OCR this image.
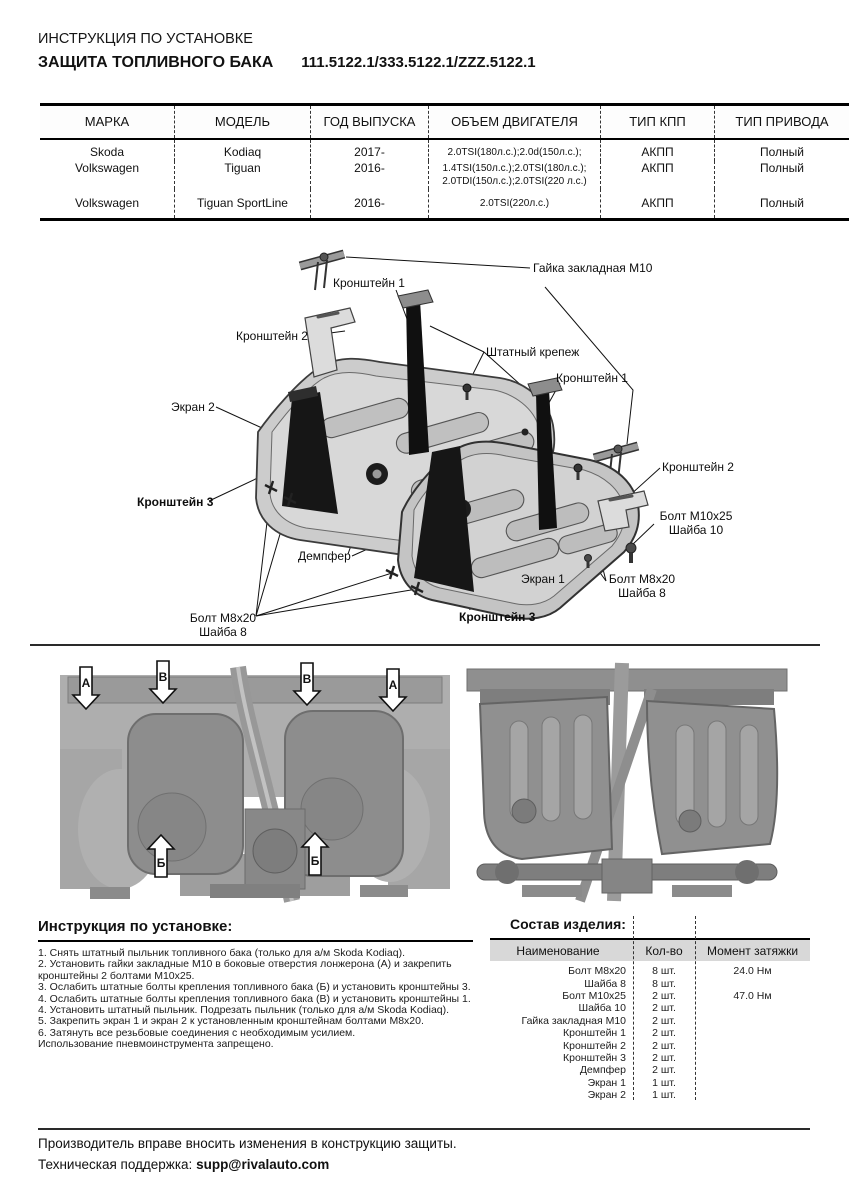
ИНСТРУКЦИЯ ПО УСТАНОВКЕ
ЗАЩИТА ТОПЛИВНОГО БАКА 111.5122.1/333.5122.1/ZZZ.5122.1
МАРКА	МОДЕЛЬ	ГОД ВЫПУСКА	ОБЪЕМ ДВИГАТЕЛЯ	ТИП КПП	ТИП ПРИВОДА
Skoda	Kodiaq	2017-	2.0TSI(180л.с.);2.0d(150л.с.);	АКПП	Полный
Volkswagen	Tiguan	2016-	1.4TSI(150л.с.);2.0TSI(180л.с.); 2.0TDI(150л.с.);2.0TSI(220 л.с.)	АКПП	Полный
Volkswagen	Tiguan SportLine	2016-	2.0TSI(220л.с.)	АКПП	Полный
Гайка закладная М10
Кронштейн 1
Кронштейн 2
Штатный крепеж
Кронштейн 1
Экран 2
Кронштейн 3
Кронштейн 2
Болт М10х25
Шайба 10
Демпфер
Экран 1	Болт М8х20
Шайба 8
Болт М8х20
Шайба 8
Кронштейн 3
А	В	В	А
Б	Б
Инструкция по установке:
1. Снять штатный пыльник топливного бака (только для а/м Skoda Kodiaq).
2. Установить гайки закладные М10 в боковые отверстия лонжерона (А) и закрепить кронштейны 2 болтами М10х25.
3. Ослабить штатные болты крепления топливного бака (Б) и установить кронштейны 3.
4. Ослабить штатные болты крепления топливного бака (В) и установить кронштейны 1.
4. Установить штатный пыльник. Подрезать пыльник (только для а/м Skoda Kodiaq).
5. Закрепить экран 1 и экран 2 к установленным кронштейнам болтами М8х20.
6. Затянуть все резьбовые соединения с необходимым усилием.
Использование пневмоинструмента запрещено.
Состав изделия:
Наименование	Кол-во	Момент затяжки
Болт М8х20	8 шт.	24.0 Нм
Шайба 8	8 шт.
Болт М10х25	2 шт.	47.0 Нм
Шайба 10	2 шт.
Гайка закладная М10	2 шт.
Кронштейн 1	2 шт.
Кронштейн 2	2 шт.
Кронштейн 3	2 шт.
Демпфер	2 шт.
Экран 1	1 шт.
Экран 2	1 шт.
Производитель вправе вносить изменения в конструкцию защиты.
Техническая поддержка: supp@rivalauto.com
